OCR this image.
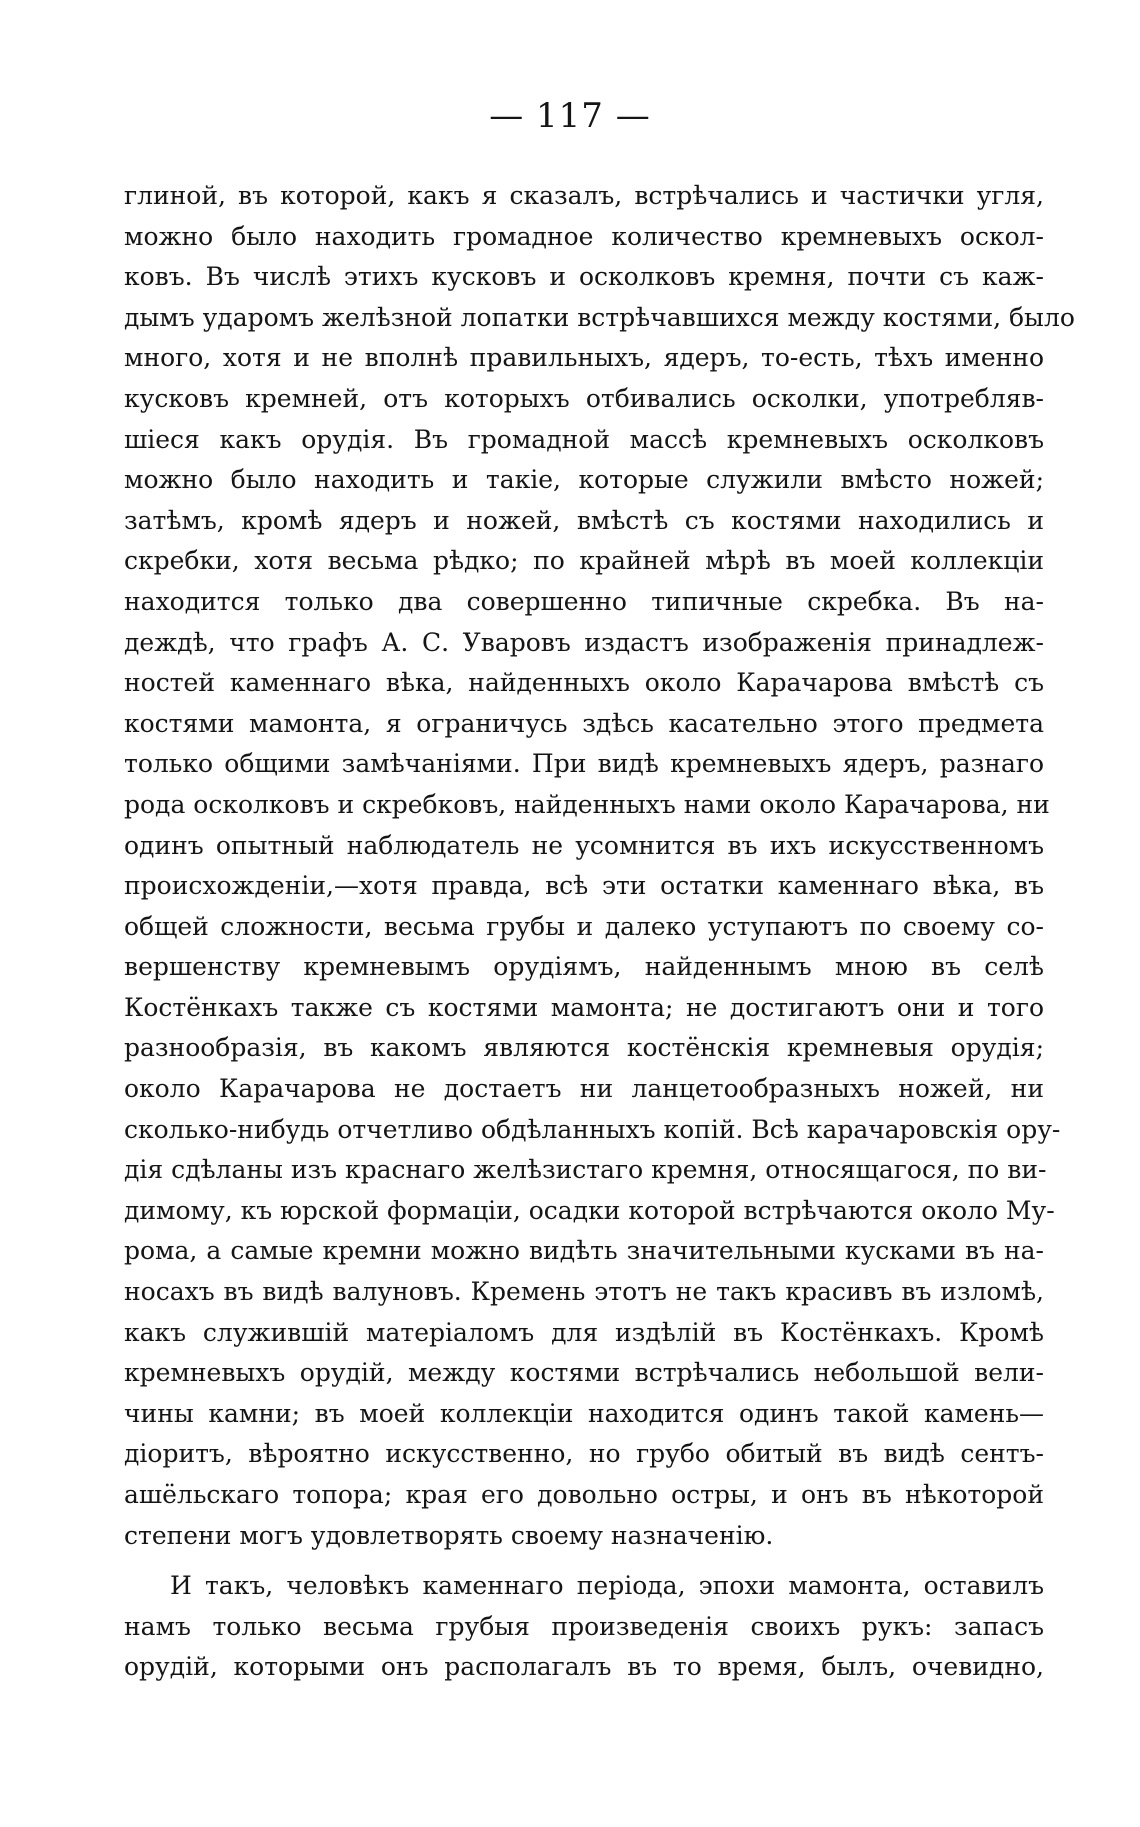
— 117 —
глиной, въ которой, какъ я сказалъ, встрѣчались и частички угля,
можно было находить громадное количество кремневыхъ оскол-
ковъ. Въ числѣ этихъ кусковъ и осколковъ кремня, почти съ каж-
дымъ ударомъ желѣзной лопатки встрѣчавшихся между костями, было
много, хотя и не вполнѣ правильныхъ, ядеръ, то-есть, тѣхъ именно
кусковъ кремней, отъ которыхъ отбивались осколки, употребляв-
шіеся какъ орудія. Въ громадной массѣ кремневыхъ осколковъ
можно было находить и такіе, которые служили вмѣсто ножей;
затѣмъ, кромѣ ядеръ и ножей, вмѣстѣ съ костями находились и
скребки, хотя весьма рѣдко; по крайней мѣрѣ въ моей коллекціи
находится только два совершенно типичные скребка. Въ на-
деждѣ, что графъ А. С. Уваровъ издастъ изображенія принадлеж-
ностей каменнаго вѣка, найденныхъ около Карачарова вмѣстѣ съ
костями мамонта, я ограничусь здѣсь касательно этого предмета
только общими замѣчаніями. При видѣ кремневыхъ ядеръ, разнаго
рода осколковъ и скребковъ, найденныхъ нами около Карачарова, ни
одинъ опытный наблюдатель не усомнится въ ихъ искусственномъ
происхожденіи,—хотя правда, всѣ эти остатки каменнаго вѣка, въ
общей сложности, весьма грубы и далеко уступаютъ по своему со-
вершенству кремневымъ орудіямъ, найденнымъ мною въ селѣ
Костёнкахъ также съ костями мамонта; не достигаютъ они и того
разнообразія, въ какомъ являются костёнскія кремневыя орудія;
около Карачарова не достаетъ ни ланцетообразныхъ ножей, ни
сколько-нибудь отчетливо обдѣланныхъ копій. Всѣ карачаровскія ору-
дія сдѣланы изъ краснаго желѣзистаго кремня, относящагося, по ви-
димому, къ юрской формаціи, осадки которой встрѣчаются около Му-
рома, а самые кремни можно видѣть значительными кусками въ на-
носахъ въ видѣ валуновъ. Кремень этотъ не такъ красивъ въ изломѣ,
какъ служившій матеріаломъ для издѣлій въ Костёнкахъ. Кромѣ
кремневыхъ орудій, между костями встрѣчались небольшой вели-
чины камни; въ моей коллекціи находится одинъ такой камень—
діоритъ, вѣроятно искусственно, но грубо обитый въ видѣ сентъ-
ашёльскаго топора; края его довольно остры, и онъ въ нѣкоторой
степени могъ удовлетворять своему назначенію.
И такъ, человѣкъ каменнаго періода, эпохи мамонта, оставилъ
намъ только весьма грубыя произведенія своихъ рукъ: запасъ
орудій, которыми онъ располагалъ въ то время, былъ, очевидно,
